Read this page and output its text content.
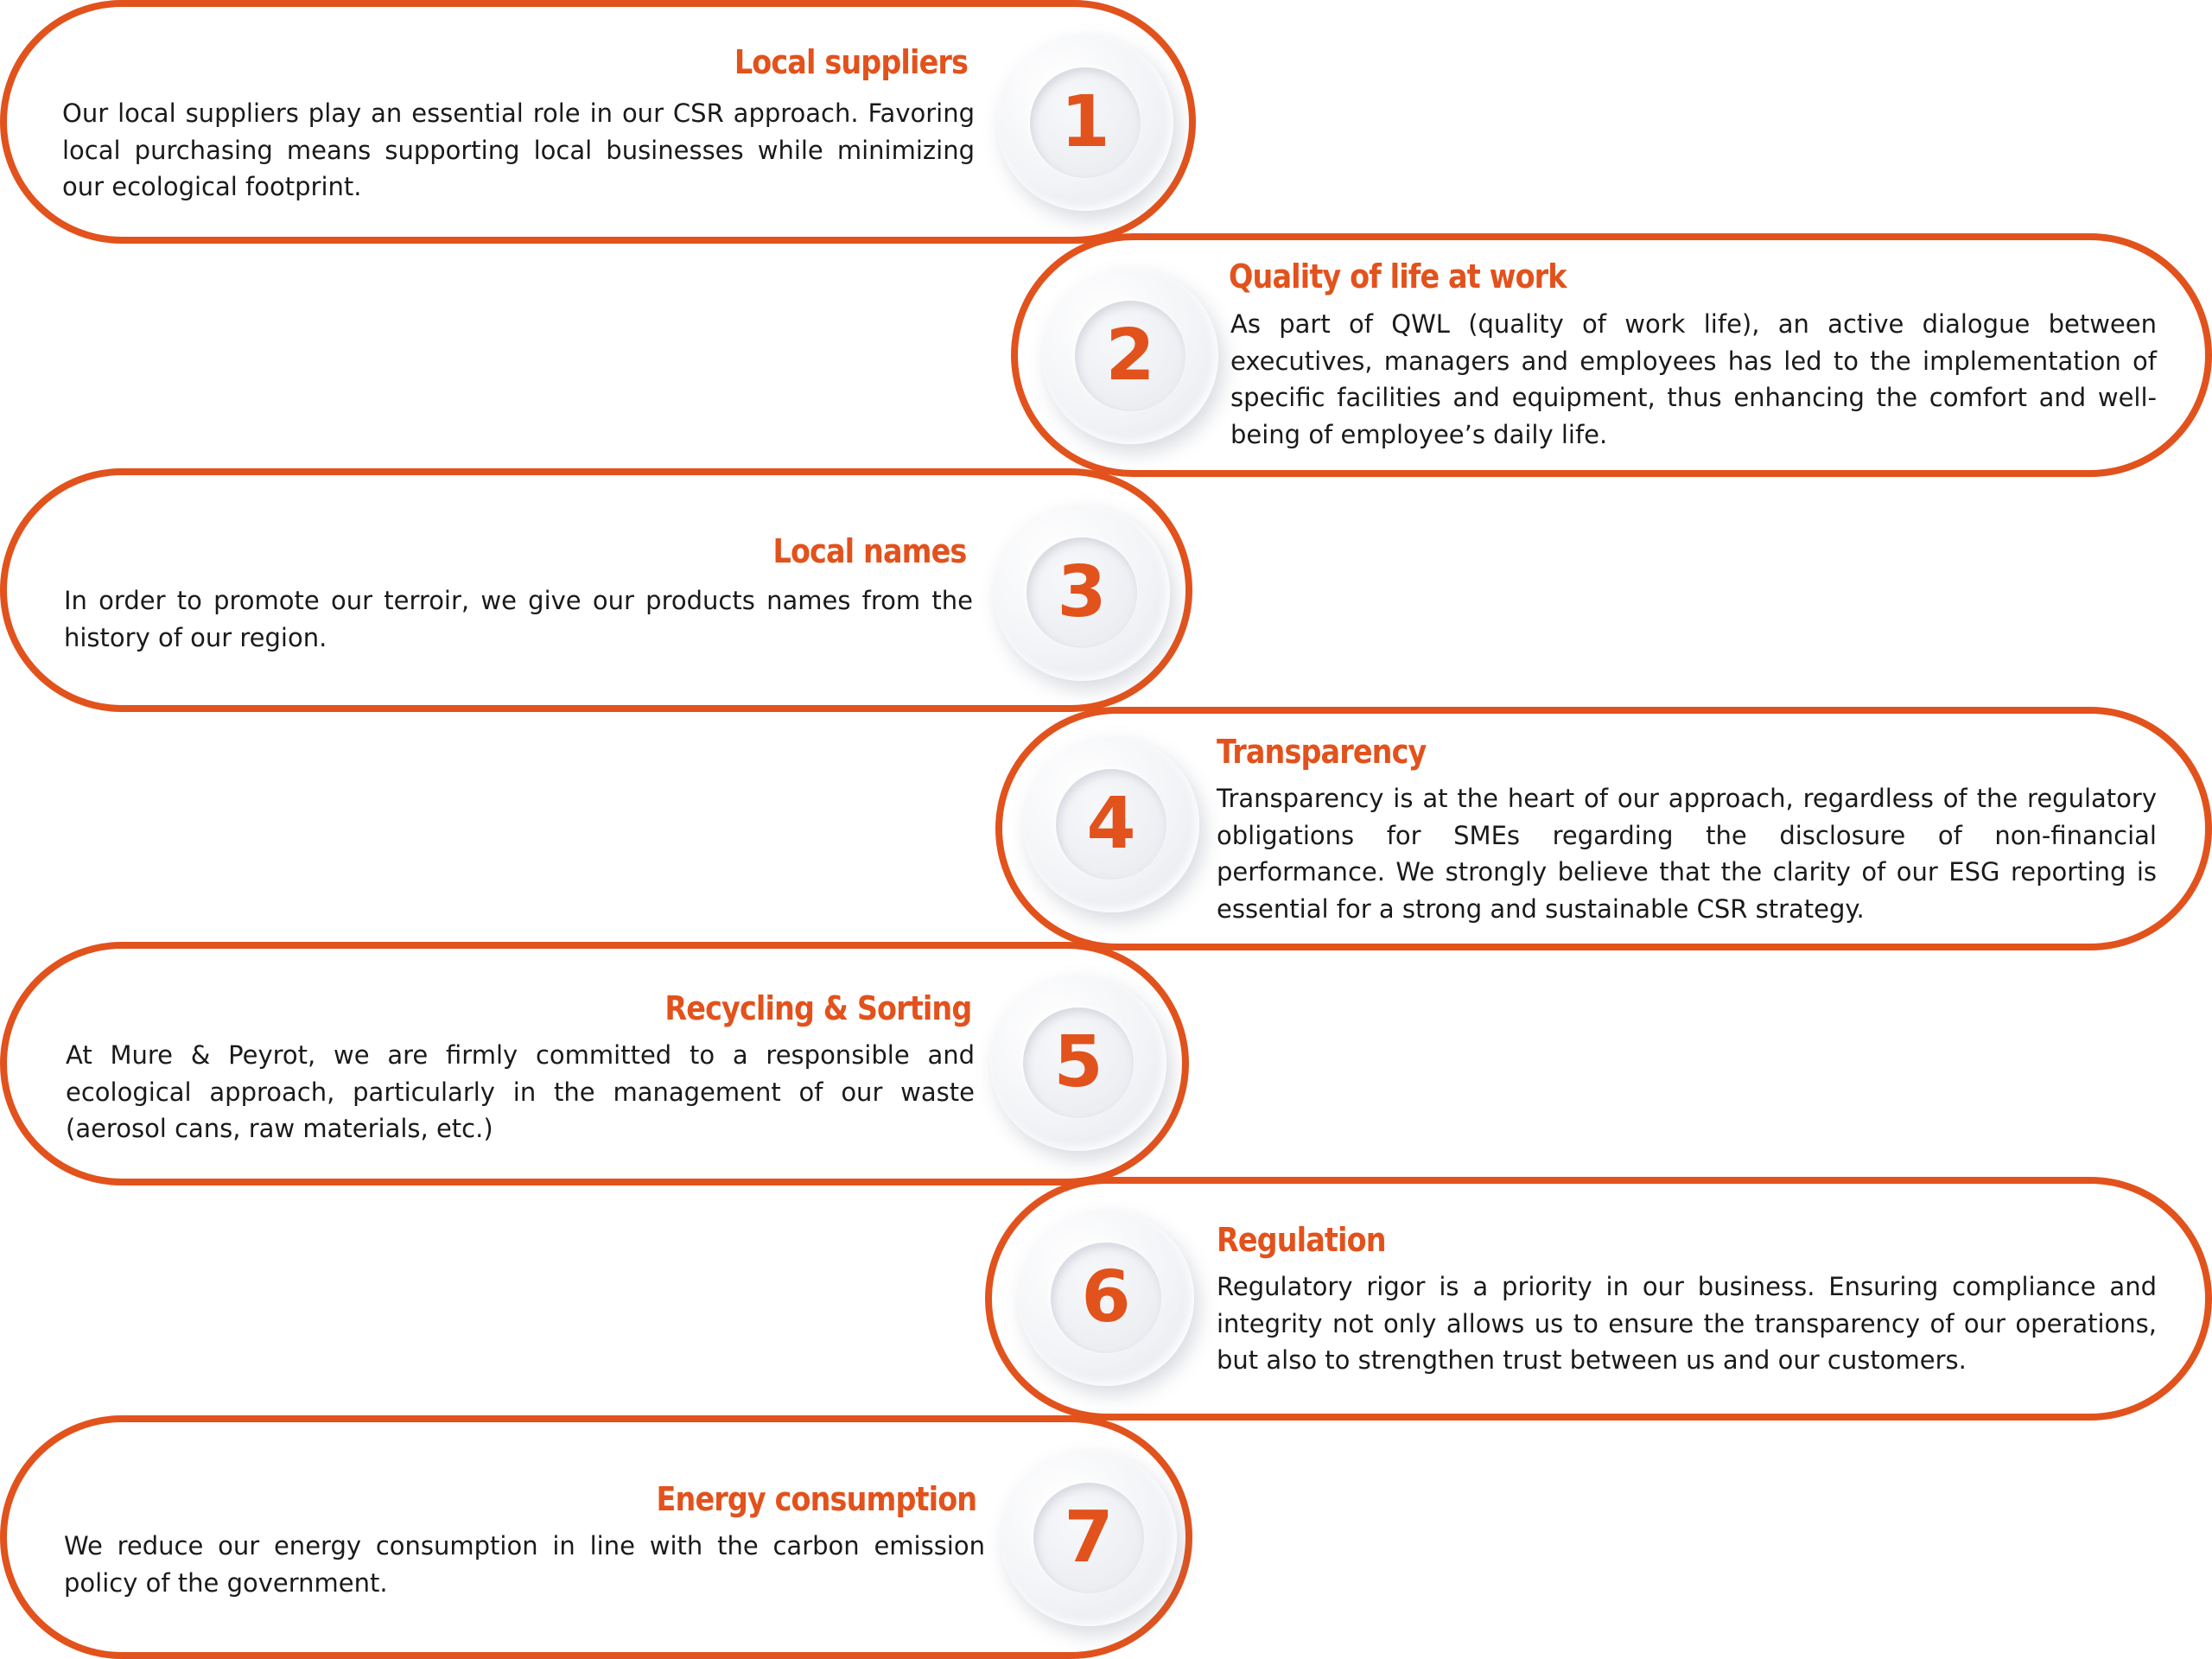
Local suppliers
Our local suppliers play an essential role in our CSR approach. Favoring local purchasing means supporting local businesses while minimizing our ecological footprint.
1
Quality of life at work
As part of QWL (quality of work life), an active dialogue between executives, managers and employees has led to the implementation of specific facilities and equipment, thus enhancing the comfort and well-being of employee’s daily life.
2
Local names
In order to promote our terroir, we give our products names from the history of our region.
3
Transparency
Transparency is at the heart of our approach, regardless of the regulatory obligations for SMEs regarding the disclosure of non-financial performance. We strongly believe that the clarity of our ESG reporting is essential for a strong and sustainable CSR strategy.
4
Recycling & Sorting
At Mure & Peyrot, we are firmly committed to a responsible and ecological approach, particularly in the management of our waste (aerosol cans, raw materials, etc.)
5
Regulation
Regulatory rigor is a priority in our business. Ensuring compliance and integrity not only allows us to ensure the transparency of our operations, but also to strengthen trust between us and our customers.
6
Energy consumption
We reduce our energy consumption in line with the carbon emission policy of the government.
7
